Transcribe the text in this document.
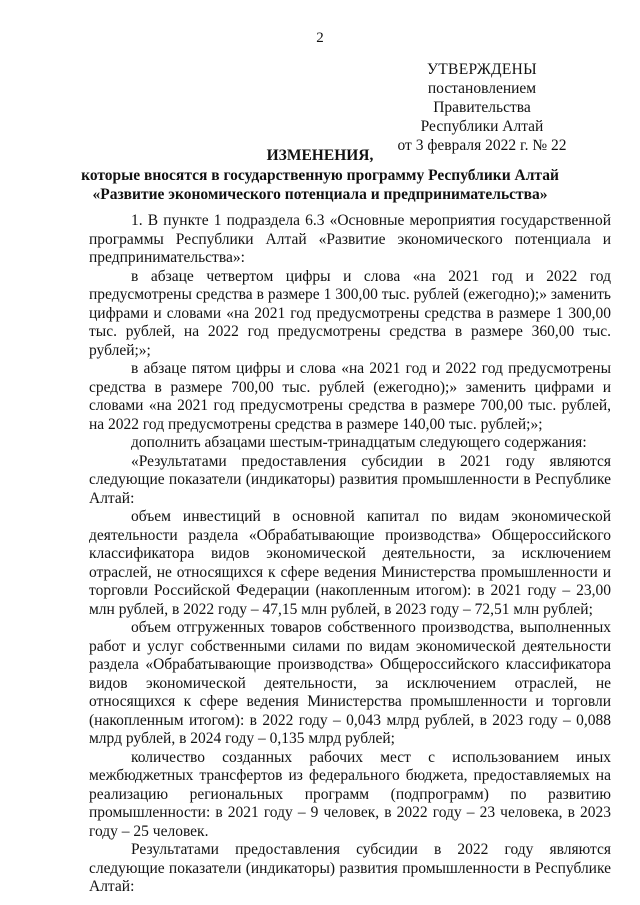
2
УТВЕРЖДЕНЫ
постановлением Правительства
Республики Алтай
от 3 февраля 2022 г. № 22
ИЗМЕНЕНИЯ,
которые вносятся в государственную программу Республики Алтай
«Развитие экономического потенциала и предпринимательства»

1. В пункте 1 подраздела 6.3 «Основные мероприятия государственной программы Республики Алтай «Развитие экономического потенциала и предпринимательства»:

в абзаце четвертом цифры и слова «на 2021 год и 2022 год предусмотрены средства в размере 1 300,00 тыс. рублей (ежегодно);» заменить цифрами и словами «на 2021 год предусмотрены средства в размере 1 300,00 тыс. рублей, на 2022 год предусмотрены средства в размере 360,00 тыс. рублей;»;

в абзаце пятом цифры и слова «на 2021 год и 2022 год предусмотрены средства в размере 700,00 тыс. рублей (ежегодно);» заменить цифрами и словами «на 2021 год предусмотрены средства в размере 700,00 тыс. рублей, на 2022 год предусмотрены средства в размере 140,00 тыс. рублей;»;

дополнить абзацами шестым-тринадцатым следующего содержания:

«Результатами предоставления субсидии в 2021 году являются следующие показатели (индикаторы) развития промышленности в Республике Алтай:

объем инвестиций в основной капитал по видам экономической деятельности раздела «Обрабатывающие производства» Общероссийского классификатора видов экономической деятельности, за исключением отраслей, не относящихся к сфере ведения Министерства промышленности и торговли Российской Федерации (накопленным итогом): в 2021 году – 23,00 млн рублей, в 2022 году – 47,15 млн рублей, в 2023 году – 72,51 млн рублей;

объем отгруженных товаров собственного производства, выполненных работ и услуг собственными силами по видам экономической деятельности раздела «Обрабатывающие производства» Общероссийского классификатора видов экономической деятельности, за исключением отраслей, не относящихся к сфере ведения Министерства промышленности и торговли (накопленным итогом): в 2022 году – 0,043 млрд рублей, в 2023 году – 0,088 млрд рублей, в 2024 году – 0,135 млрд рублей;

количество созданных рабочих мест с использованием иных межбюджетных трансфертов из федерального бюджета, предоставляемых на реализацию региональных программ (подпрограмм) по развитию промышленности: в 2021 году – 9 человек, в 2022 году – 23 человека, в 2023 году – 25 человек.

Результатами предоставления субсидии в 2022 году являются следующие показатели (индикаторы) развития промышленности в Республике Алтай:
